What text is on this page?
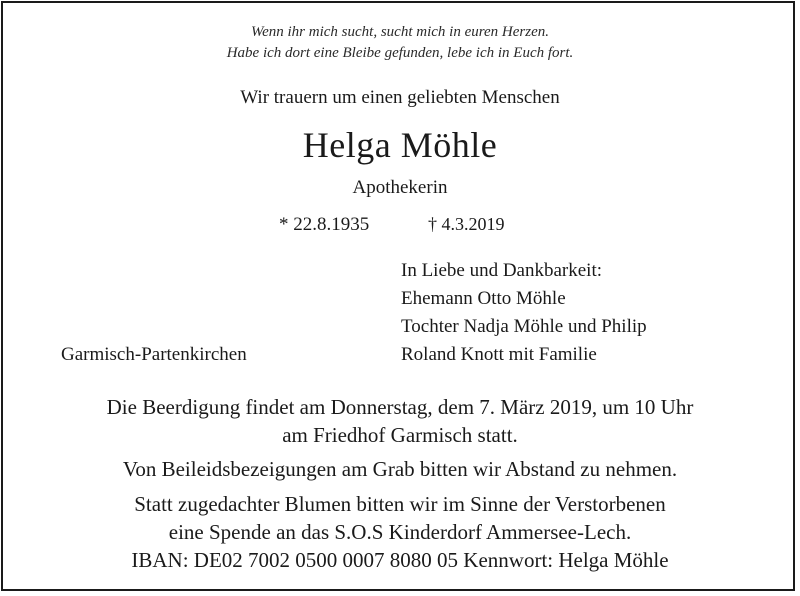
Wenn ihr mich sucht, sucht mich in euren Herzen.
Habe ich dort eine Bleibe gefunden, lebe ich in Euch fort.
Wir trauern um einen geliebten Menschen
Helga Möhle
Apothekerin
* 22.8.1935	† 4.3.2019
In Liebe und Dankbarkeit:
Ehemann Otto Möhle
Tochter Nadja Möhle und Philip
Roland Knott mit Familie
Garmisch-Partenkirchen
Die Beerdigung findet am Donnerstag, dem 7. März 2019, um 10 Uhr
am Friedhof Garmisch statt.
Von Beileidsbezeigungen am Grab bitten wir Abstand zu nehmen.
Statt zugedachter Blumen bitten wir im Sinne der Verstorbenen
eine Spende an das S.O.S Kinderdorf Ammersee-Lech.
IBAN: DE02 7002 0500 0007 8080 05 Kennwort: Helga Möhle
